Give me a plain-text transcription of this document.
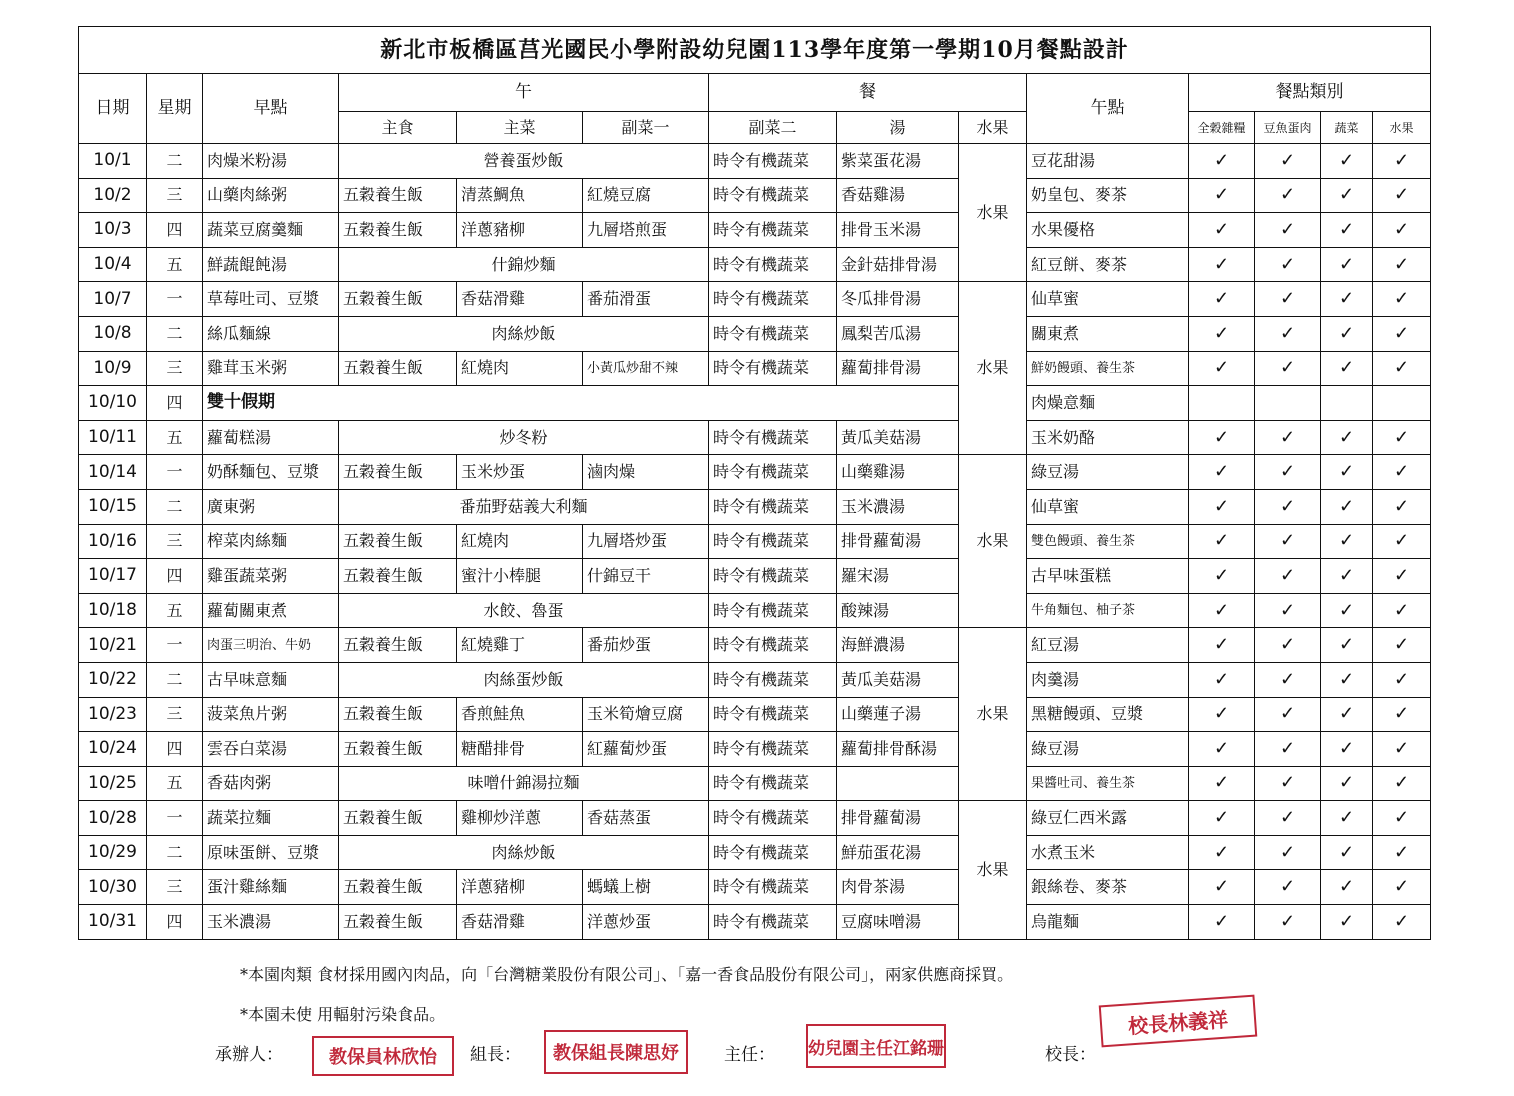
新北市板橋區莒光國民小學附設幼兒園113學年度第一學期10月餐點設計													
日期	星期	早點	午			餐			午點	餐點類別			
			主食	主菜	副菜一	副菜二	湯	水果		全穀雜糧	豆魚蛋肉	蔬菜	水果
10/1	二	肉燥米粉湯	營養蛋炒飯			時令有機蔬菜	紫菜蛋花湯	水果	豆花甜湯	✓	✓	✓	✓
10/2	三	山藥肉絲粥	五穀養生飯	清蒸鯛魚	紅燒豆腐	時令有機蔬菜	香菇雞湯		奶皇包、麥茶	✓	✓	✓	✓
10/3	四	蔬菜豆腐羹麵	五穀養生飯	洋蔥豬柳	九層塔煎蛋	時令有機蔬菜	排骨玉米湯		水果優格	✓	✓	✓	✓
10/4	五	鮮蔬餛飩湯	什錦炒麵			時令有機蔬菜	金針菇排骨湯		紅豆餅、麥茶	✓	✓	✓	✓
10/7	一	草莓吐司、豆漿	五穀養生飯	香菇滑雞	番茄滑蛋	時令有機蔬菜	冬瓜排骨湯	水果	仙草蜜	✓	✓	✓	✓
10/8	二	絲瓜麵線	肉絲炒飯			時令有機蔬菜	鳳梨苦瓜湯		關東煮	✓	✓	✓	✓
10/9	三	雞茸玉米粥	五穀養生飯	紅燒肉	小黃瓜炒甜不辣	時令有機蔬菜	蘿蔔排骨湯		鮮奶饅頭、養生茶	✓	✓	✓	✓
10/10	四	雙十假期							肉燥意麵				
10/11	五	蘿蔔糕湯	炒冬粉			時令有機蔬菜	黃瓜美菇湯		玉米奶酪	✓	✓	✓	✓
10/14	一	奶酥麵包、豆漿	五穀養生飯	玉米炒蛋	滷肉燥	時令有機蔬菜	山藥雞湯	水果	綠豆湯	✓	✓	✓	✓
10/15	二	廣東粥	番茄野菇義大利麵			時令有機蔬菜	玉米濃湯		仙草蜜	✓	✓	✓	✓
10/16	三	榨菜肉絲麵	五穀養生飯	紅燒肉	九層塔炒蛋	時令有機蔬菜	排骨蘿蔔湯		雙色饅頭、養生茶	✓	✓	✓	✓
10/17	四	雞蛋蔬菜粥	五穀養生飯	蜜汁小棒腿	什錦豆干	時令有機蔬菜	羅宋湯		古早味蛋糕	✓	✓	✓	✓
10/18	五	蘿蔔關東煮	水餃、魯蛋			時令有機蔬菜	酸辣湯		牛角麵包、柚子茶	✓	✓	✓	✓
10/21	一	肉蛋三明治、牛奶	五穀養生飯	紅燒雞丁	番茄炒蛋	時令有機蔬菜	海鮮濃湯	水果	紅豆湯	✓	✓	✓	✓
10/22	二	古早味意麵	肉絲蛋炒飯			時令有機蔬菜	黃瓜美菇湯		肉羹湯	✓	✓	✓	✓
10/23	三	菠菜魚片粥	五穀養生飯	香煎鮭魚	玉米筍燴豆腐	時令有機蔬菜	山藥蓮子湯		黑糖饅頭、豆漿	✓	✓	✓	✓
10/24	四	雲吞白菜湯	五穀養生飯	糖醋排骨	紅蘿蔔炒蛋	時令有機蔬菜	蘿蔔排骨酥湯		綠豆湯	✓	✓	✓	✓
10/25	五	香菇肉粥	味噌什錦湯拉麵			時令有機蔬菜			果醬吐司、養生茶	✓	✓	✓	✓
10/28	一	蔬菜拉麵	五穀養生飯	雞柳炒洋蔥	香菇蒸蛋	時令有機蔬菜	排骨蘿蔔湯	水果	綠豆仁西米露	✓	✓	✓	✓
10/29	二	原味蛋餅、豆漿	肉絲炒飯			時令有機蔬菜	鮮茄蛋花湯		水煮玉米	✓	✓	✓	✓
10/30	三	蛋汁雞絲麵	五穀養生飯	洋蔥豬柳	螞蟻上樹	時令有機蔬菜	肉骨茶湯		銀絲卷、麥茶	✓	✓	✓	✓
10/31	四	玉米濃湯	五穀養生飯	香菇滑雞	洋蔥炒蛋	時令有機蔬菜	豆腐味噌湯		烏龍麵	✓	✓	✓	✓
*本園肉類 食材採用國內肉品，向「台灣糖業股份有限公司」、「嘉一香食品股份有限公司」，兩家供應商採買。
*本園未使 用輻射污染食品。
承辦人：	教保員林欣怡	組長：	教保組長陳思妤	主任： 幼兒園主任江銘珊	校長：
校長林義祥
